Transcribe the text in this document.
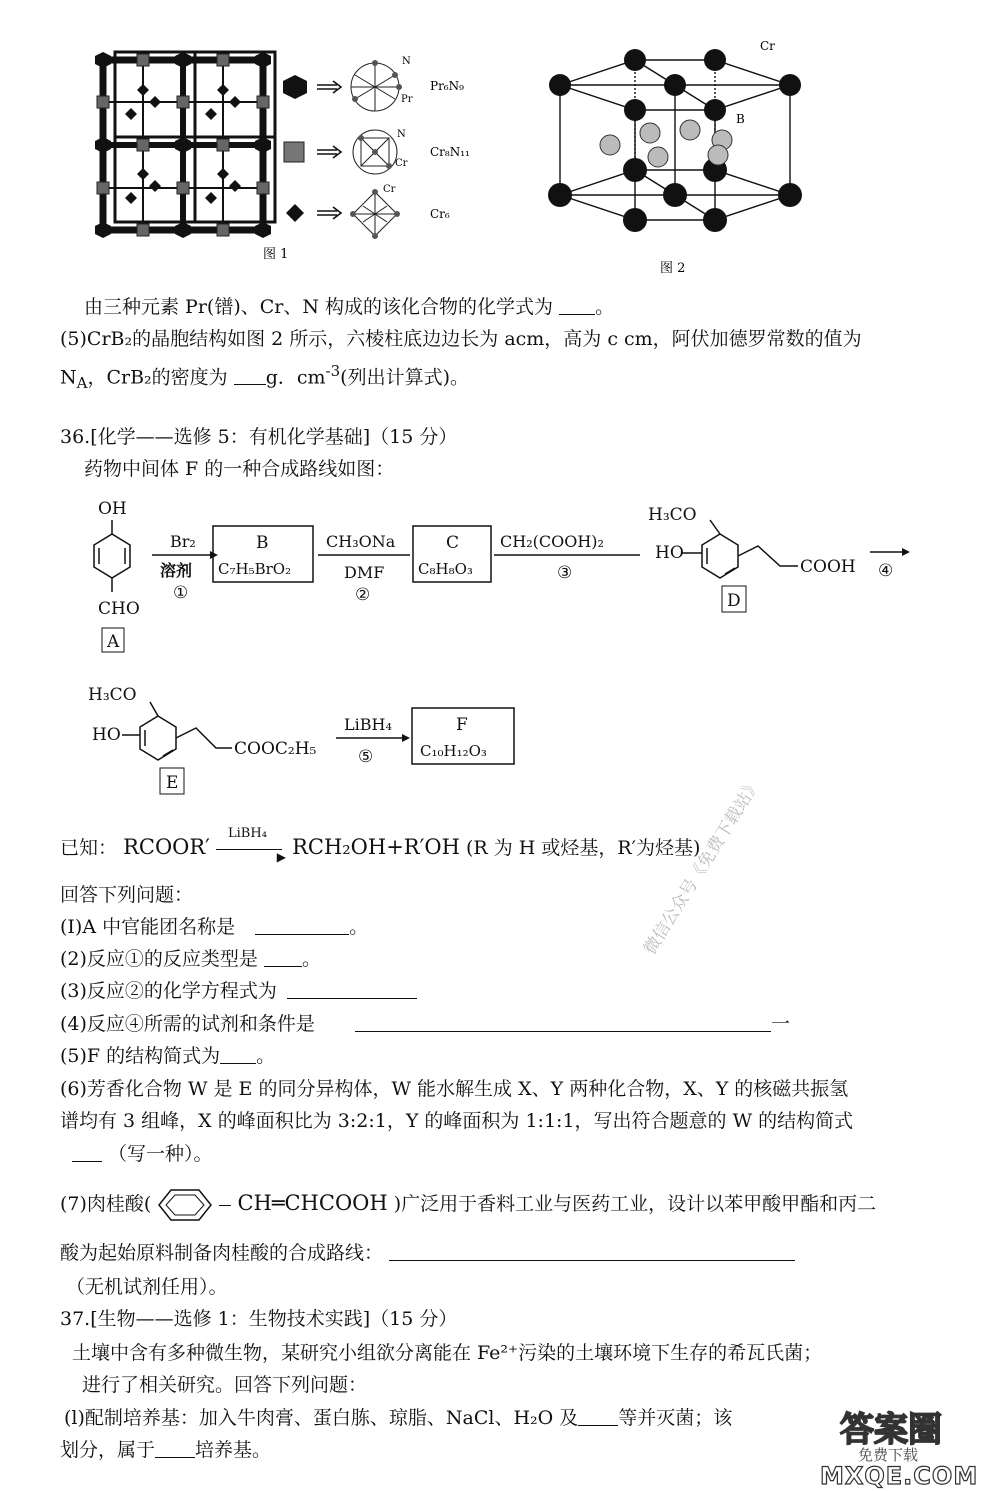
N
Pr
N
Cr
Cr
Pr₆N₉
Cr₈N₁₁
Cr₆
图 1
Cr
B
图 2
由三种元素 Pr(镨)、Cr、N 构成的该化合物的化学式为 。
(5)CrB₂的晶胞结构如图 2 所示，六棱柱底边边长为 acm，高为 c cm，阿伏加德罗常数的值为
$N_A$，CrB₂的密度为 g．$cm^{-3}$(列出计算式)。
36.[化学——选修 5：有机化学基础]（15 分）
药物中间体 F 的一种合成路线如图：
OH
CHO
A
Br₂
溶剂
①
B
C₇H₅BrO₂
CH₃ONa
DMF
②
C
C₈H₈O₃
CH₂(COOH)₂
③
H₃CO
HO
COOH
D
④
H₃CO
HO
COOC₂H₅
E
LiBH₄
⑤
F
C₁₀H₁₂O₃
已知： RCOOR′
LiBH₄
▶ RCH₂OH+R′OH (R 为 H 或烃基，R′为烃基)
回答下列问题：
(I)A 中官能团名称是	。
(2)反应①的反应类型是 。
(3)反应②的化学方程式为
(4)反应④所需的试剂和条件是	一
(5)F 的结构简式为 。
(6)芳香化合物 W 是 E 的同分异构体，W 能水解生成 X、Y 两种化合物，X、Y 的核磁共振氢
谱均有 3 组峰，X 的峰面积比为 3:2:1，Y 的峰面积为 1:1:1，写出符合题意的 W 的结构简式
（写一种）。
(7)肉桂酸(	CH═CHCOOH )广泛用于香料工业与医药工业，设计以苯甲酸甲酯和丙二
酸为起始原料制备肉桂酸的合成路线：
（无机试剂任用）。
37.[生物——选修 1：生物技术实践]（15 分）
土壤中含有多种微生物，某研究小组欲分离能在 Fe²⁺污染的土壤环境下生存的希瓦氏菌；
进行了相关研究。回答下列问题：
(l)配制培养基：加入牛肉膏、蛋白胨、琼脂、NaCl、H₂O 及 等并灭菌；该
划分，属于 培养基。
微信公众号《免费下载站》
答案圈
免费下载
MXQE.COM
